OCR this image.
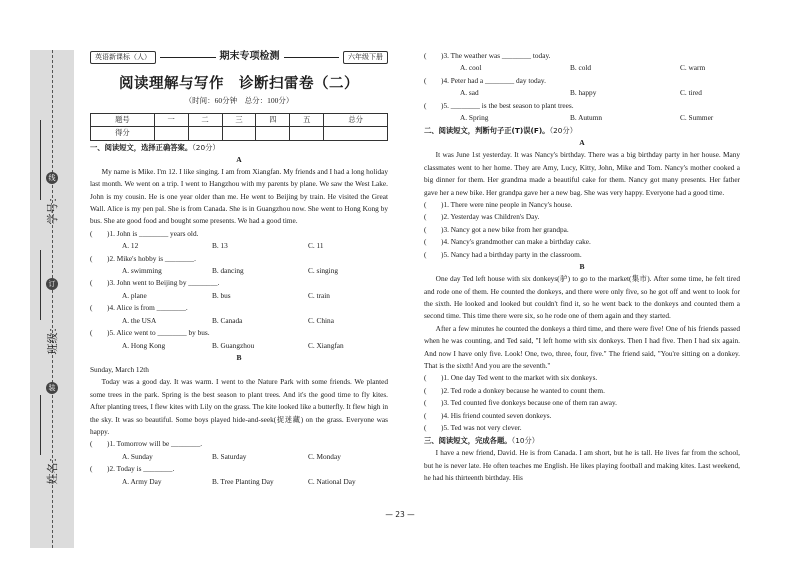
学号：
班级：
姓名：
线
订
装
英语新课标（人）	期末专项检测	六年级下册
阅读理解与写作　诊断扫雷卷（二）
（时间：60分钟　总分：100分）
题号	一	二	三	四	五	总分
得分						
一、阅读短文，选择正确答案。（20分）
A
My name is Mike. I'm 12. I like singing. I am from Xiangfan. My friends and I had a long holiday last month. We went on a trip. I went to Hangzhou with my parents by plane. We saw the West Lake. John is my cousin. He is one year older than me. He went to Beijing by train. He visited the Great Wall. Alice is my pen pal. She is from Canada. She is in Guangzhou now. She went to Hong Kong by bus. She ate good food and bought some presents. We had a good time.
(　　)1. John is ________ years old.
A. 12	B. 13	C. 11
(　　)2. Mike's hobby is ________.
A. swimming	B. dancing	C. singing
(　　)3. John went to Beijing by ________.
A. plane	B. bus	C. train
(　　)4. Alice is from ________.
A. the USA	B. Canada	C. China
(　　)5. Alice went to ________ by bus.
A. Hong Kong	B. Guangzhou	C. Xiangfan
B
Sunday, March 12th
Today was a good day. It was warm. I went to the Nature Park with some friends. We planted some trees in the park. Spring is the best season to plant trees. And it's the good time to fly kites. After planting trees, I flew kites with Lily on the grass. The kite looked like a butterfly. It flew high in the sky. It was so beautiful. Some boys played hide-and-seek(捉迷藏) on the grass. Everyone was happy.
(　　)1. Tomorrow will be ________.
A. Sunday	B. Saturday	C. Monday
(　　)2. Today is ________.
A. Army Day	B. Tree Planting Day	C. National Day
(　　)3. The weather was ________ today.
A. cool	B. cold	C. warm
(　　)4. Peter had a ________ day today.
A. sad	B. happy	C. tired
(　　)5. ________ is the best season to plant trees.
A. Spring	B. Autumn	C. Summer
二、阅读短文，判断句子正(T)误(F)。（20分）
A
It was June 1st yesterday. It was Nancy's birthday. There was a big birthday party in her house. Many classmates went to her home. They are Amy, Lucy, Kitty, John, Mike and Tom. Nancy's mother cooked a big dinner for them. Her grandma made a beautiful cake for them. Nancy got many presents. Her father gave her a new bike. Her grandpa gave her a new bag. She was very happy. Everyone had a good time.
(　　)1. There were nine people in Nancy's house.
(　　)2. Yesterday was Children's Day.
(　　)3. Nancy got a new bike from her grandpa.
(　　)4. Nancy's grandmother can make a birthday cake.
(　　)5. Nancy had a birthday party in the classroom.
B
One day Ted left house with six donkeys(驴) to go to the market(集市). After some time, he felt tired and rode one of them. He counted the donkeys, and there were only five, so he got off and went to look for the sixth. He looked and looked but couldn't find it, so he went back to the donkeys and counted them a second time. This time there were six, so he rode one of them again and they started.
After a few minutes he counted the donkeys a third time, and there were five! One of his friends passed when he was counting, and Ted said, "I left home with six donkeys. Then I had five. Then I had six again. And now I have only five. Look! One, two, three, four, five." The friend said, "You're sitting on a donkey. That is the sixth! And you are the seventh."
(　　)1. One day Ted went to the market with six donkeys.
(　　)2. Ted rode a donkey because he wanted to count them.
(　　)3. Ted counted five donkeys because one of them ran away.
(　　)4. His friend counted seven donkeys.
(　　)5. Ted was not very clever.
三、阅读短文，完成各题。（10分）
I have a new friend, David. He is from Canada. I am short, but he is tall. He lives far from the school, but he is never late. He often teaches me English. He likes playing football and making kites. Last weekend, he had his thirteenth birthday. His
— 23 —
